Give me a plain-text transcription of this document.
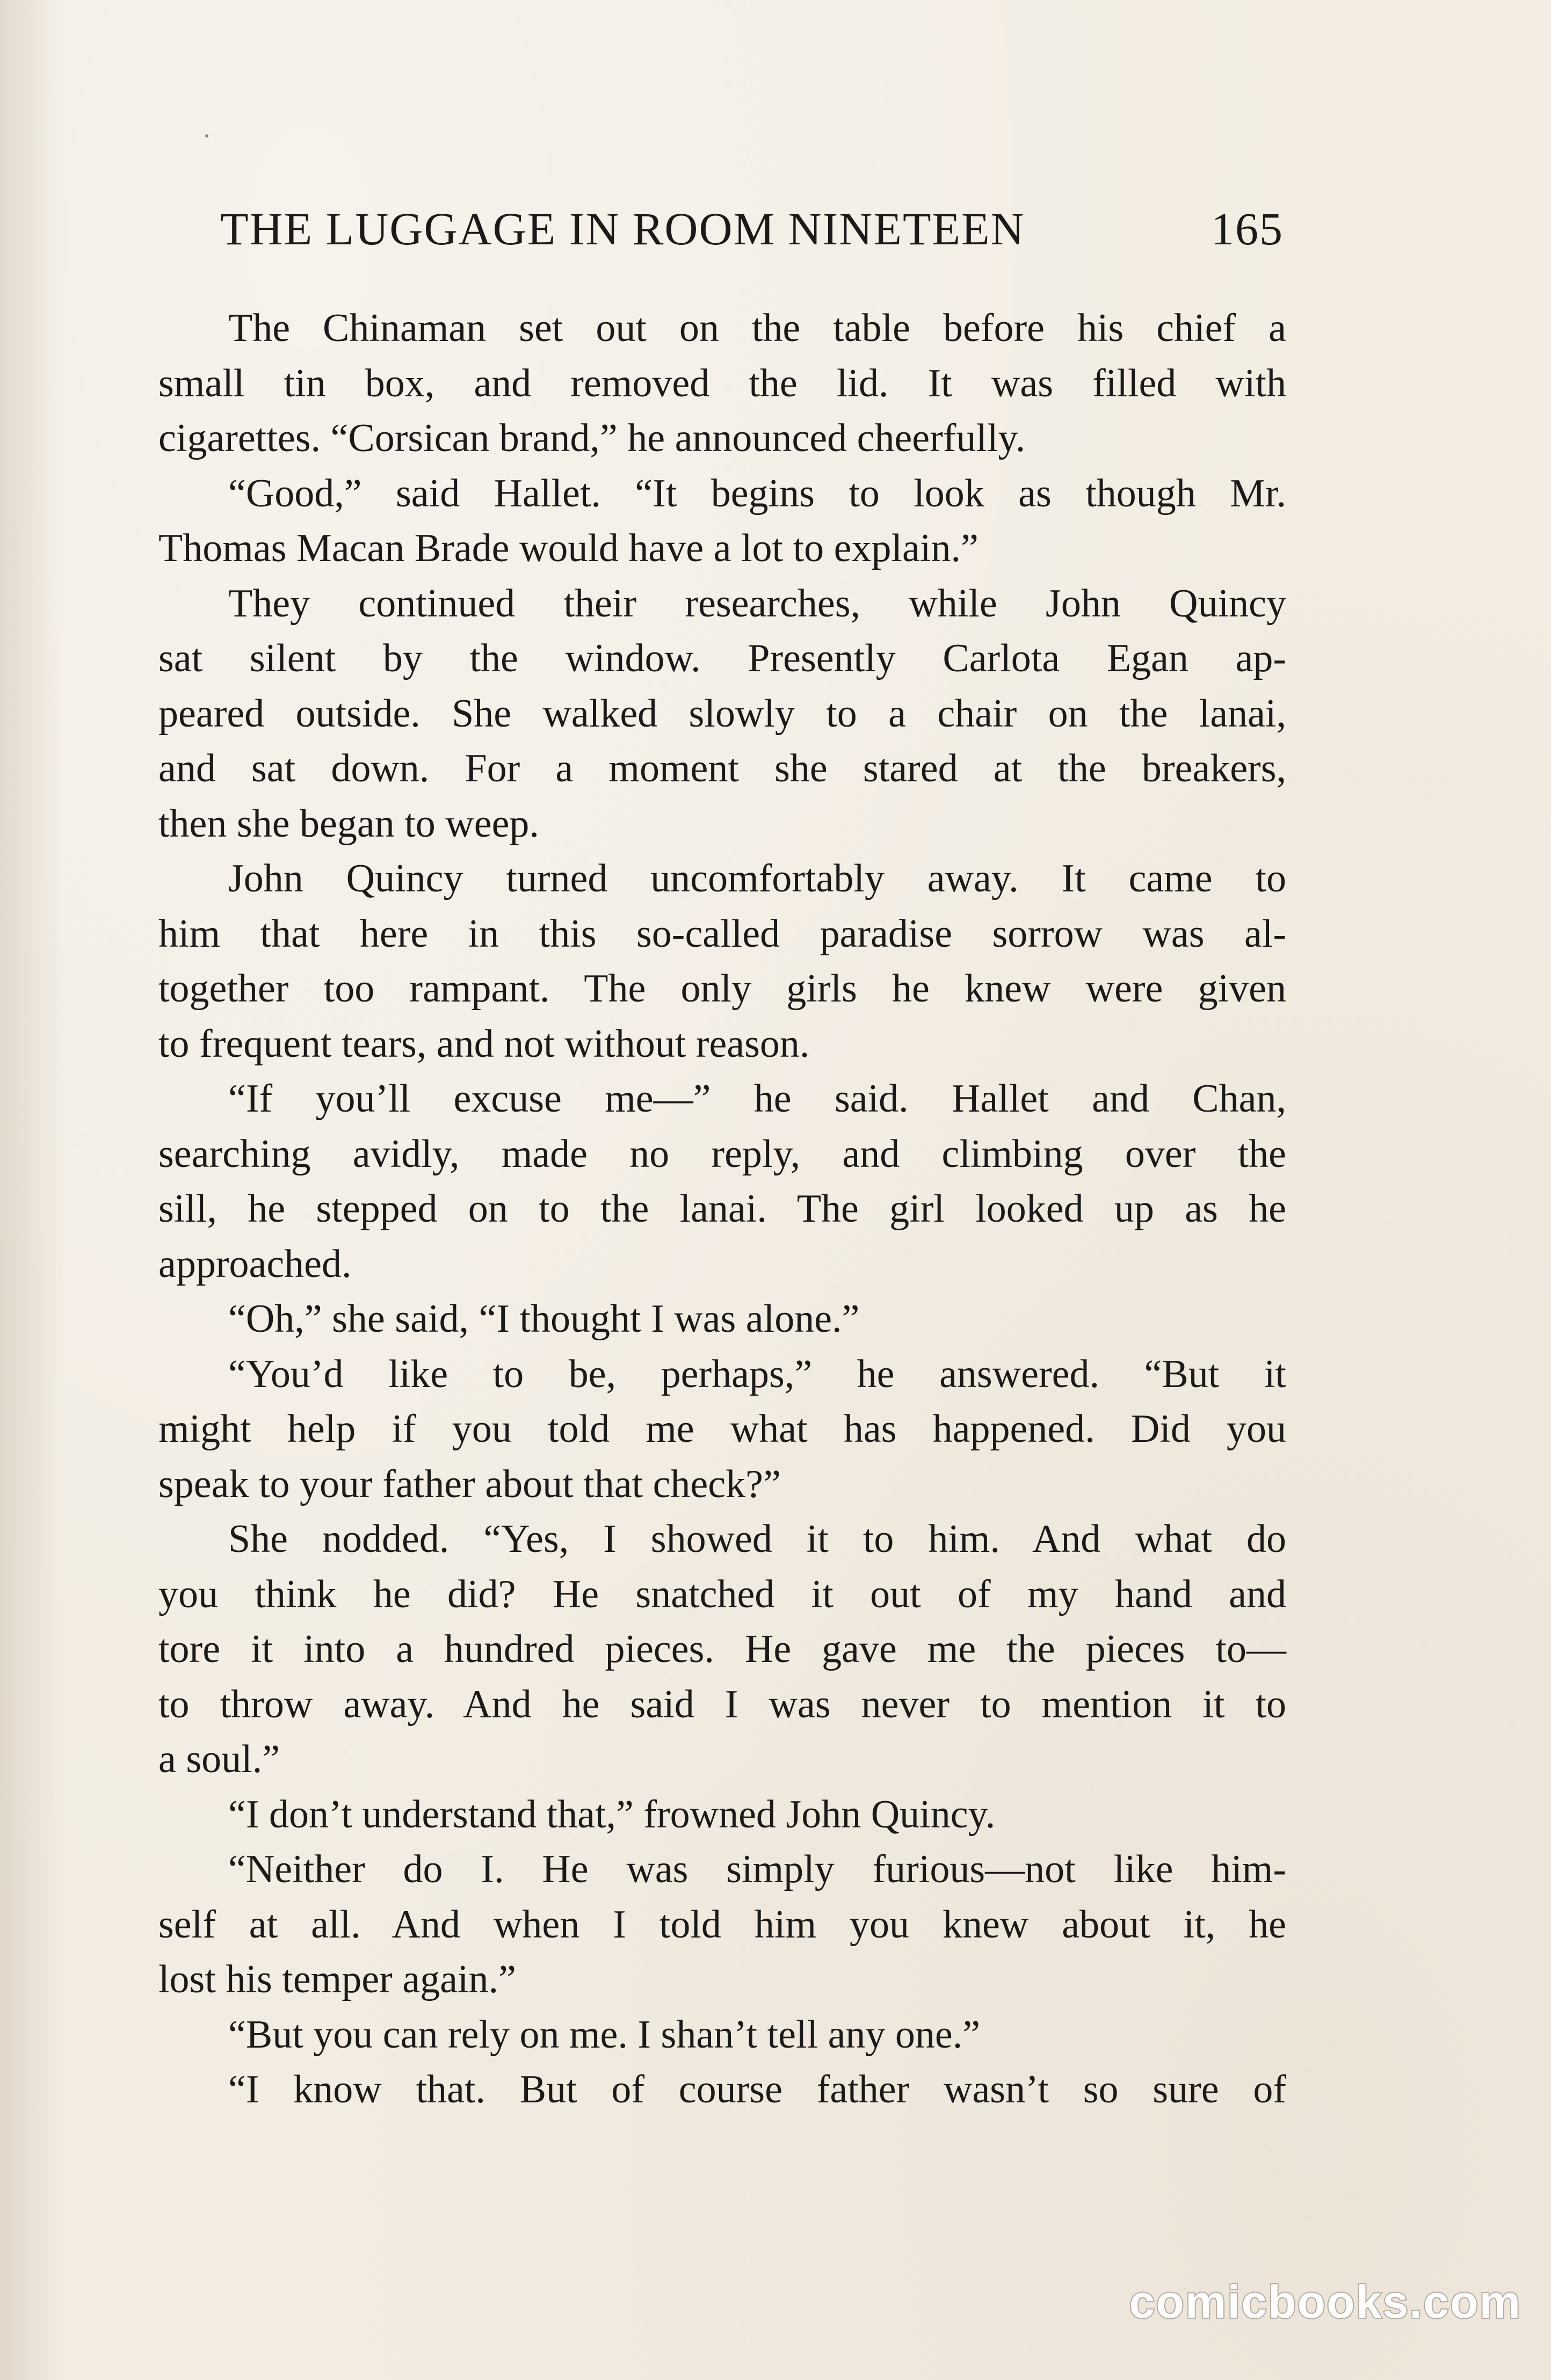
THE LUGGAGE IN ROOM NINETEEN	165
The Chinaman set out on the table before his chief a
small tin box, and removed the lid. It was filled with
cigarettes. “Corsican brand,” he announced cheerfully.
“Good,” said Hallet. “It begins to look as though Mr.
Thomas Macan Brade would have a lot to explain.”
They continued their researches, while John Quincy
sat silent by the window. Presently Carlota Egan ap-
peared outside. She walked slowly to a chair on the lanai,
and sat down. For a moment she stared at the breakers,
then she began to weep.
John Quincy turned uncomfortably away. It came to
him that here in this so-called paradise sorrow was al-
together too rampant. The only girls he knew were given
to frequent tears, and not without reason.
“If you’ll excuse me—” he said. Hallet and Chan,
searching avidly, made no reply, and climbing over the
sill, he stepped on to the lanai. The girl looked up as he
approached.
“Oh,” she said, “I thought I was alone.”
“You’d like to be, perhaps,” he answered. “But it
might help if you told me what has happened. Did you
speak to your father about that check?”
She nodded. “Yes, I showed it to him. And what do
you think he did? He snatched it out of my hand and
tore it into a hundred pieces. He gave me the pieces to—
to throw away. And he said I was never to mention it to
a soul.”
“I don’t understand that,” frowned John Quincy.
“Neither do I. He was simply furious—not like him-
self at all. And when I told him you knew about it, he
lost his temper again.”
“But you can rely on me. I shan’t tell any one.”
“I know that. But of course father wasn’t so sure of
comicbooks.com
